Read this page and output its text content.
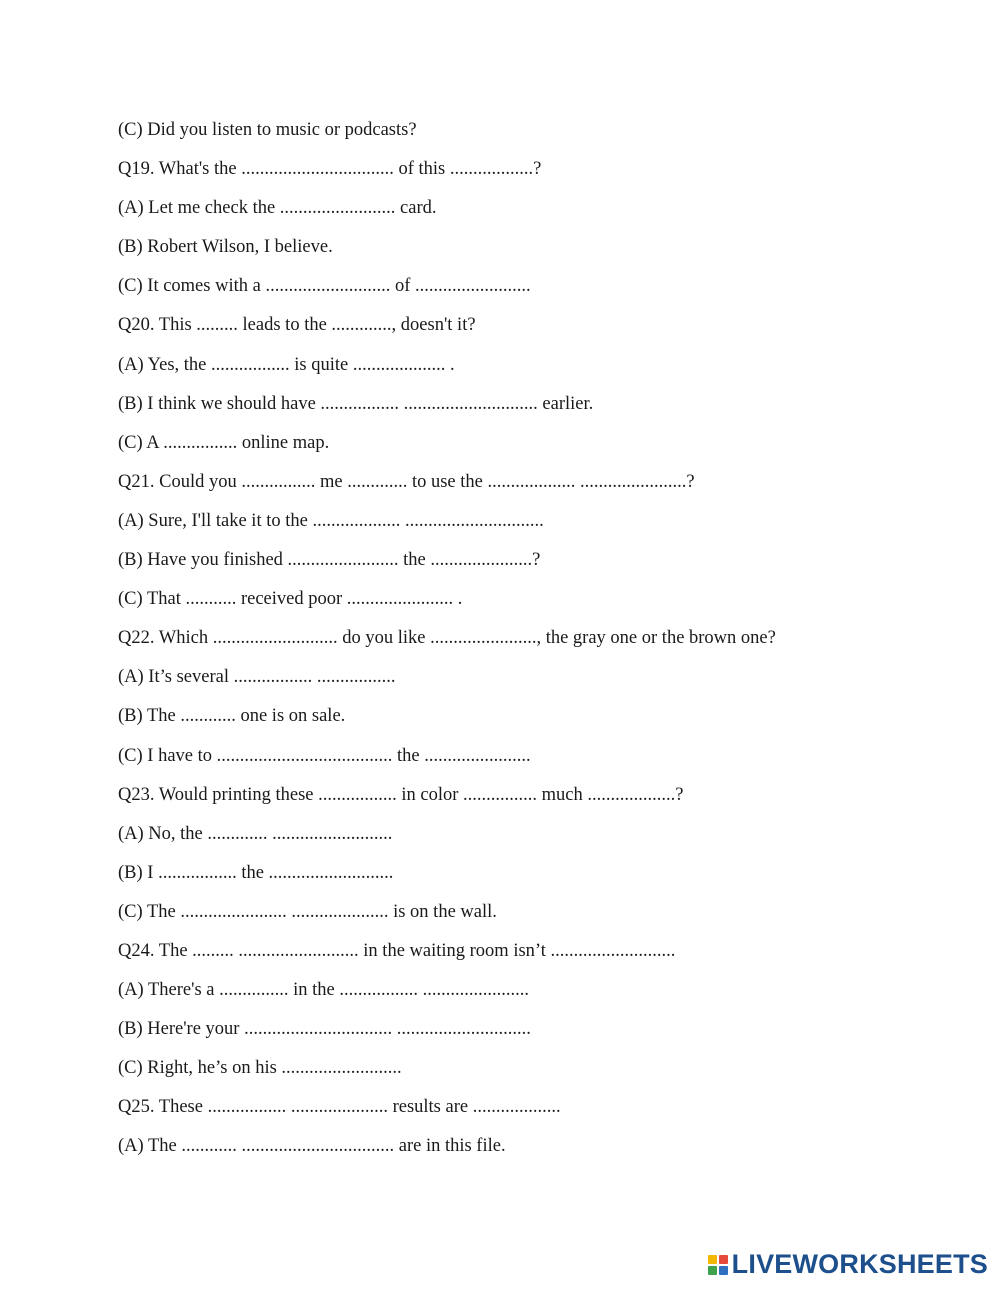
(C) Did you listen to music or podcasts?
Q19. What's the ................................. of this ..................?
(A) Let me check the ......................... card.
(B) Robert Wilson, I believe.
(C) It comes with a ........................... of .........................
Q20. This ......... leads to the ............., doesn't it?
(A) Yes, the ................. is quite .................... .
(B) I think we should have ................. ............................. earlier.
(C) A ................ online map.
Q21. Could you ................ me ............. to use the ................... .......................?
(A) Sure, I'll take it to the ................... ..............................
(B) Have you finished ........................ the ......................?
(C) That ........... received poor ....................... .
Q22. Which ........................... do you like ......................., the gray one or the brown one?
(A) It’s several ................. .................
(B) The ............ one is on sale.
(C) I have to ...................................... the .......................
Q23. Would printing these ................. in color ................ much ...................?
(A) No, the ............. ..........................
(B) I ................. the ...........................
(C) The ....................... ..................... is on the wall.
Q24. The ......... .......................... in the waiting room isn’t ...........................
(A) There's a ............... in the ................. .......................
(B) Here're your ................................ .............................
(C) Right, he’s on his ..........................
Q25. These ................. ..................... results are ...................
(A) The ............ ................................. are in this file.
LIVEWORKSHEETS
